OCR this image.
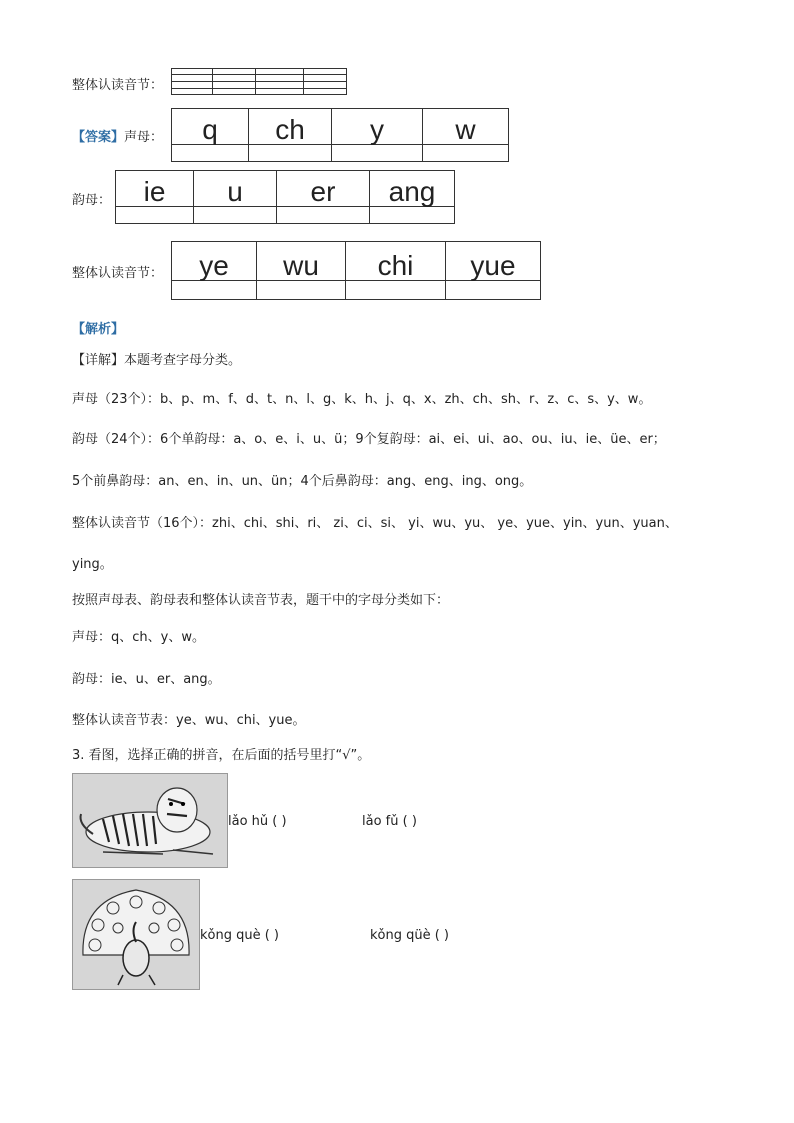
整体认读音节：

【答案】声母： q	ch	y	w

韵母： ie	u	er	ang

整体认读音节： ye	wu	chi	yue

【解析】
【详解】本题考查字母分类。
声母（23个）：b、p、m、f、d、t、n、l、g、k、h、j、q、x、zh、ch、sh、r、z、c、s、y、w。
韵母（24个）：6个单韵母：a、o、e、i、u、ü；9个复韵母：ai、ei、ui、ao、ou、iu、ie、üe、er；
5个前鼻韵母：an、en、in、un、ün；4个后鼻韵母：ang、eng、ing、ong。
整体认读音节（16个）：zhi、chi、shi、ri、 zi、ci、si、 yi、wu、yu、 ye、yue、yin、yun、yuan、
ying。
按照声母表、韵母表和整体认读音节表，题干中的字母分类如下：
声母：q、ch、y、w。
韵母：ie、u、er、ang。
整体认读音节表：ye、wu、chi、yue。
3. 看图，选择正确的拼音，在后面的括号里打“√”。
lǎo hǔ ( )	lǎo fǔ ( )
kǒng què ( )	kǒng qüè ( )
